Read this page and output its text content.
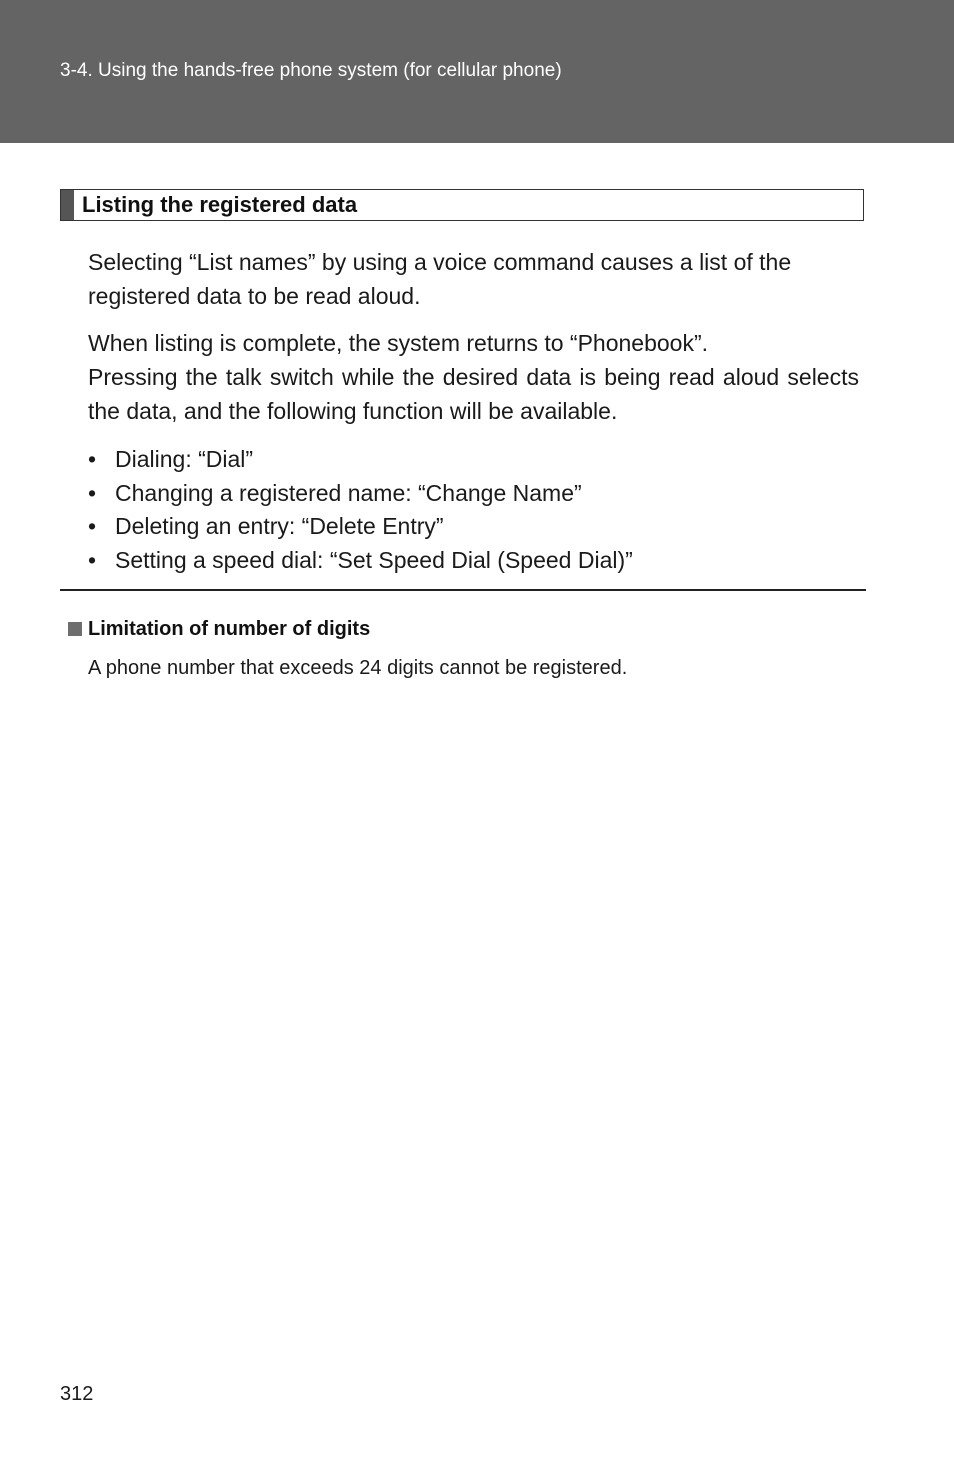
3-4. Using the hands-free phone system (for cellular phone)
Listing the registered data

Selecting “List names” by using a voice command causes a list of the registered data to be read aloud.

When listing is complete, the system returns to “Phonebook”.

Pressing the talk switch while the desired data is being read aloud selects the data, and the following function will be available.

• Dialing: “Dial”
• Changing a registered name: “Change Name”
• Deleting an entry: “Delete Entry”
• Setting a speed dial: “Set Speed Dial (Speed Dial)”
Limitation of number of digits
A phone number that exceeds 24 digits cannot be registered.
312
